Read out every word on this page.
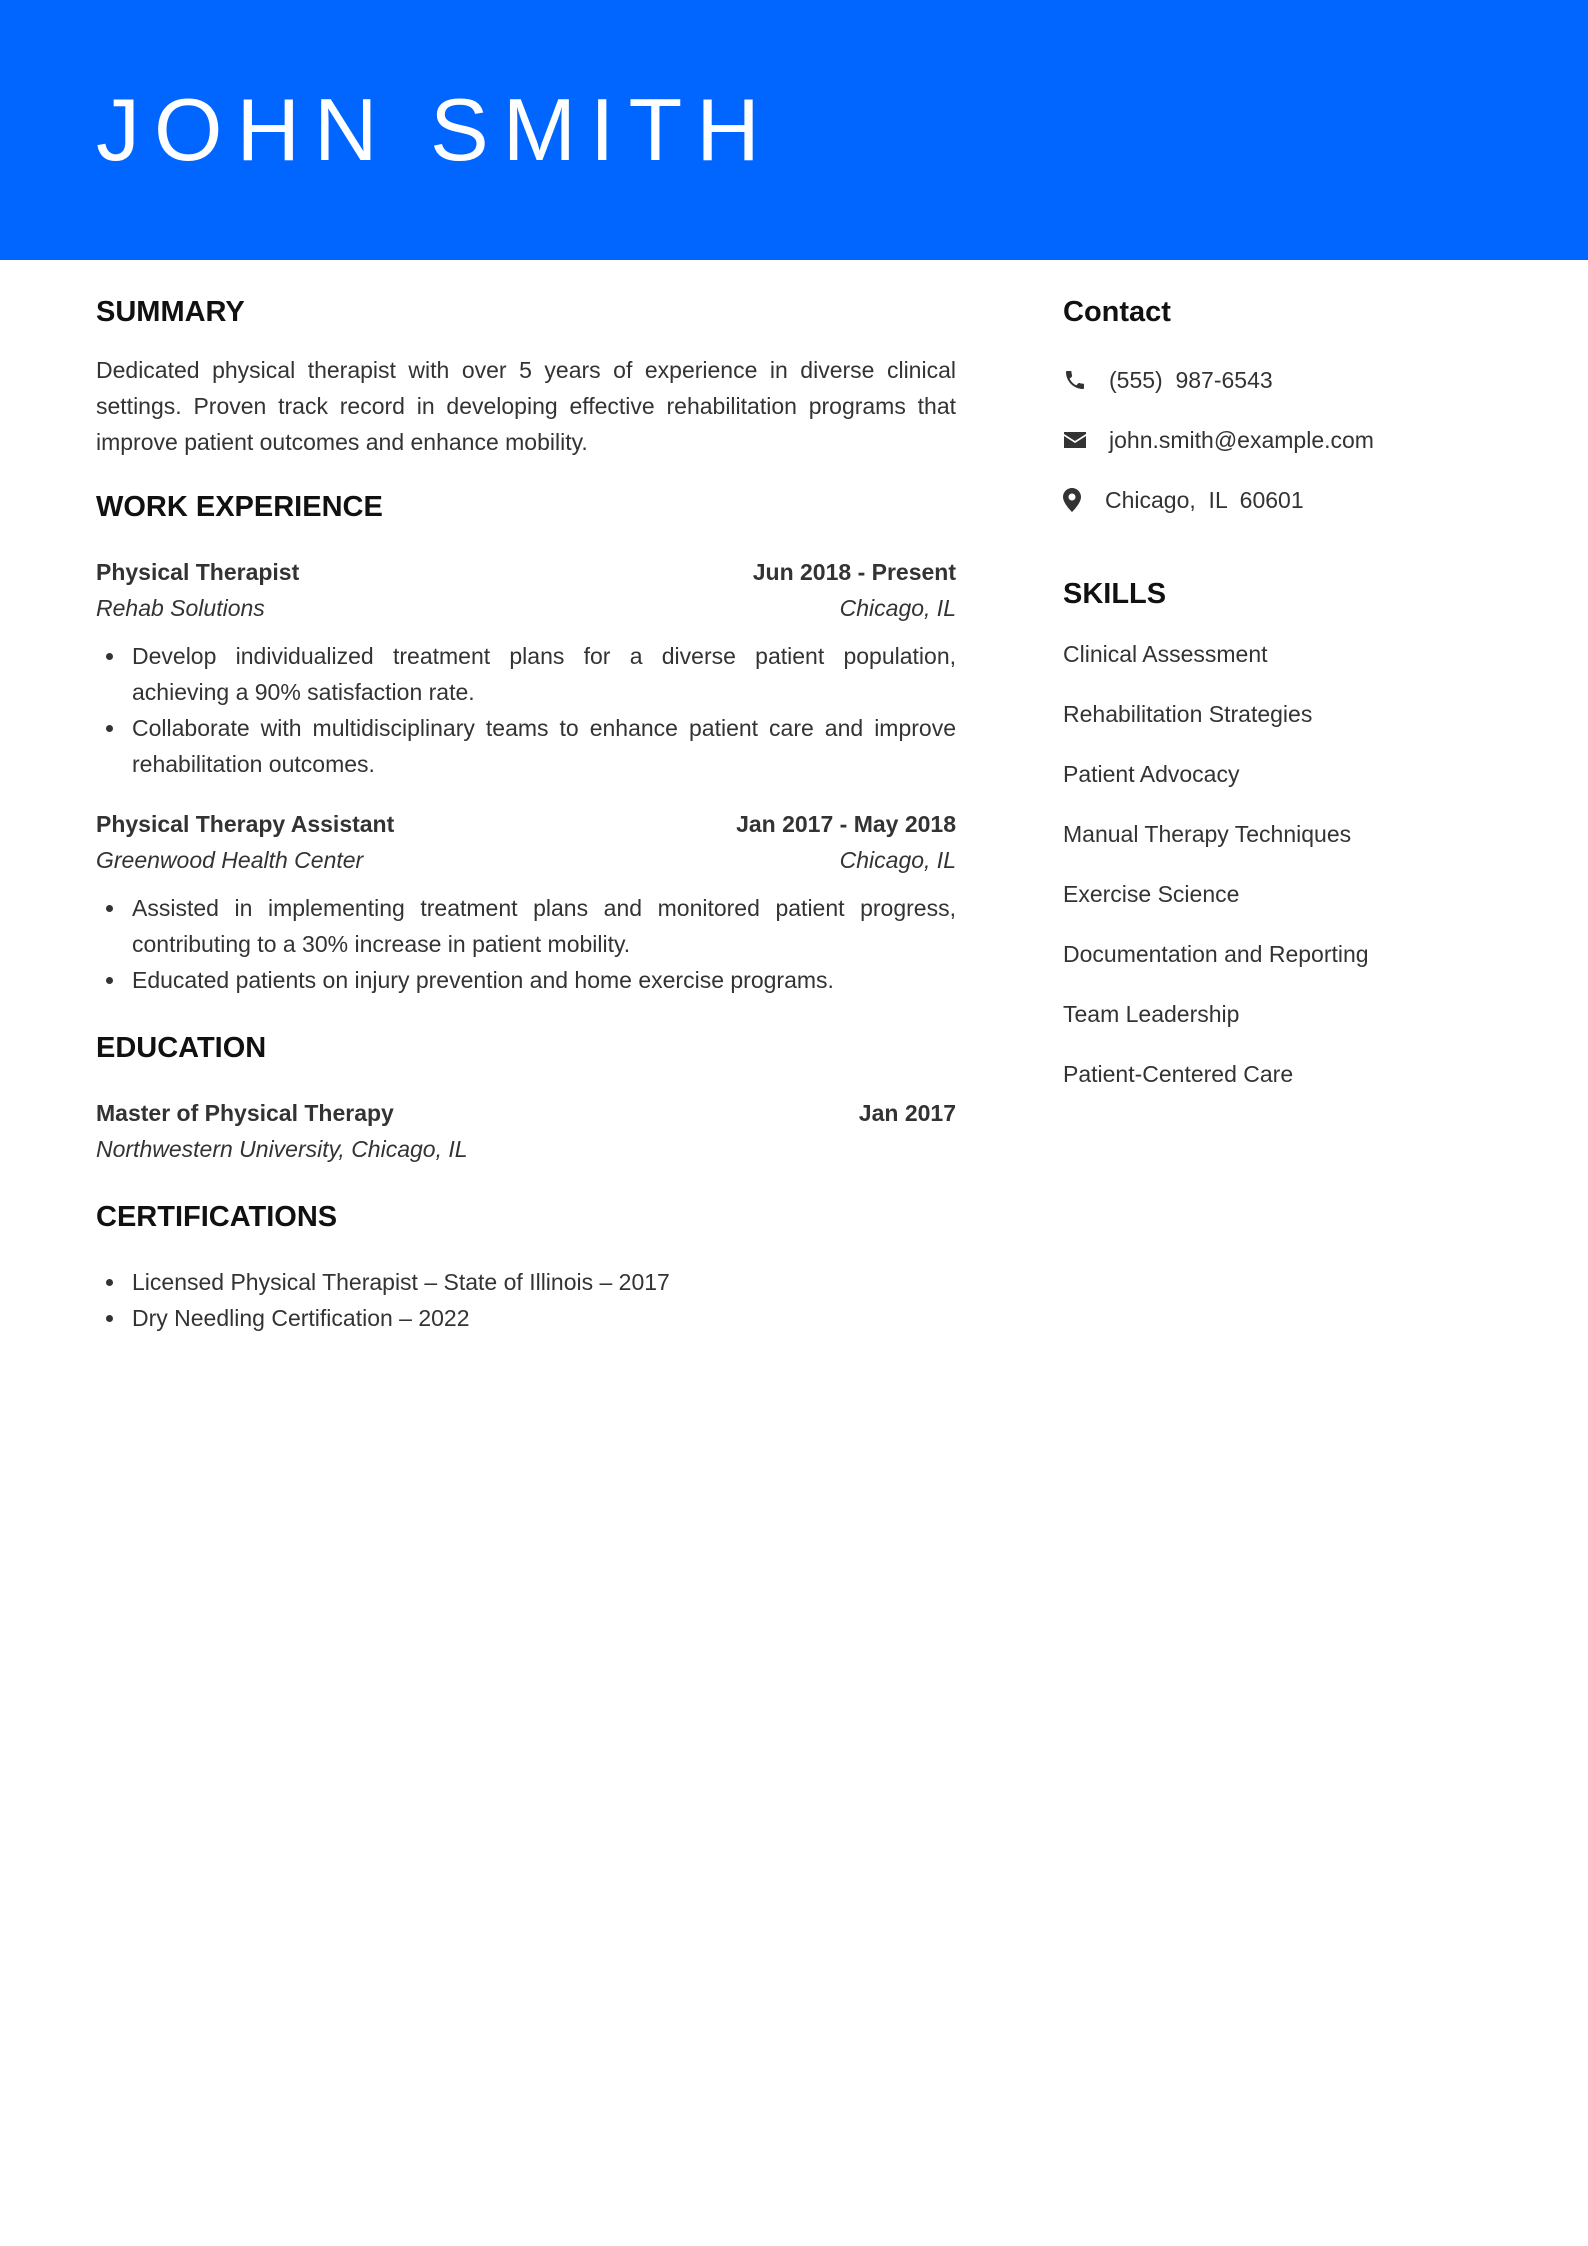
JOHN SMITH
SUMMARY
Dedicated physical therapist with over 5 years of experience in diverse clinical settings. Proven track record in developing effective rehabilitation programs that improve patient outcomes and enhance mobility.
WORK EXPERIENCE
Physical Therapist	Jun 2018 - Present
Rehab Solutions	Chicago, IL
Develop individualized treatment plans for a diverse patient population, achieving a 90% satisfaction rate.
Collaborate with multidisciplinary teams to enhance patient care and improve rehabilitation outcomes.
Physical Therapy Assistant	Jan 2017 - May 2018
Greenwood Health Center	Chicago, IL
Assisted in implementing treatment plans and monitored patient progress, contributing to a 30% increase in patient mobility.
Educated patients on injury prevention and home exercise programs.
EDUCATION
Master of Physical Therapy	Jan 2017
Northwestern University, Chicago, IL
CERTIFICATIONS
Licensed Physical Therapist – State of Illinois – 2017
Dry Needling Certification – 2022
Contact
(555)  987-6543
john.smith@example.com
Chicago,  IL  60601
SKILLS
Clinical Assessment
Rehabilitation Strategies
Patient Advocacy
Manual Therapy Techniques
Exercise Science
Documentation and Reporting
Team Leadership
Patient-Centered Care
